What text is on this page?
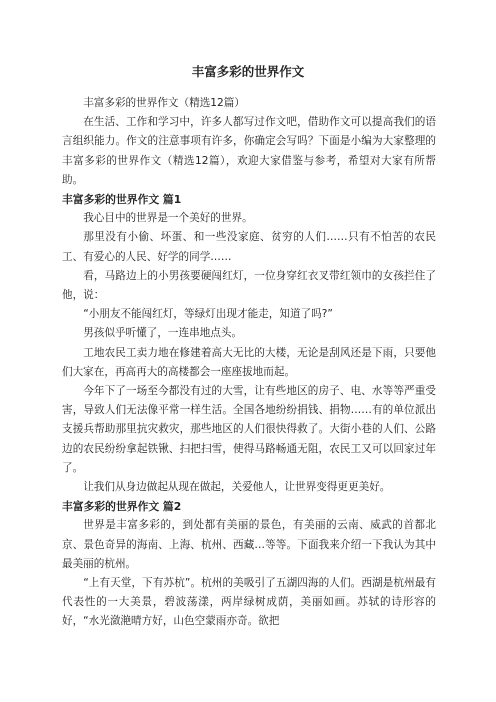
丰富多彩的世界作文

丰富多彩的世界作文（精选12篇）

在生活、工作和学习中，许多人都写过作文吧，借助作文可以提高我们的语言组织能力。作文的注意事项有许多，你确定会写吗？下面是小编为大家整理的丰富多彩的世界作文（精选12篇），欢迎大家借鉴与参考，希望对大家有所帮助。

丰富多彩的世界作文 篇1

我心目中的世界是一个美好的世界。

那里没有小偷、坏蛋、和一些没家庭、贫穷的人们……只有不怕苦的农民工、有爱心的人民、好学的同学……

看，马路边上的小男孩要硬闯红灯，一位身穿红衣叉带红领巾的女孩拦住了他，说：

“小朋友不能闯红灯，等绿灯出现才能走，知道了吗?”

男孩似乎听懂了，一连串地点头。

工地农民工卖力地在修建着高大无比的大楼，无论是刮风还是下雨，只要他们大家在，再高再大的高楼都会一座座拔地而起。

今年下了一场至今都没有过的大雪，让有些地区的房子、电、水等等严重受害，导致人们无法像平常一样生活。全国各地纷纷捐钱、捐物……有的单位派出支援兵帮助那里抗灾救灾，那些地区的人们很快得救了。大街小巷的人们、公路边的农民纷纷拿起铁锹、扫把扫雪，使得马路畅通无阻，农民工又可以回家过年了。

让我们从身边做起从现在做起，关爱他人，让世界变得更更美好。

丰富多彩的世界作文 篇2

世界是丰富多彩的，到处都有美丽的景色，有美丽的云南、威武的首都北京、景色奇异的海南、上海、杭州、西藏…等等。下面我来介绍一下我认为其中最美丽的杭州。

“上有天堂，下有苏杭”。杭州的美吸引了五湖四海的人们。西湖是杭州最有代表性的一大美景，碧波荡漾，两岸绿树成荫，美丽如画。苏轼的诗形容的好，“水光潋滟晴方好，山色空蒙雨亦奇。欲把
